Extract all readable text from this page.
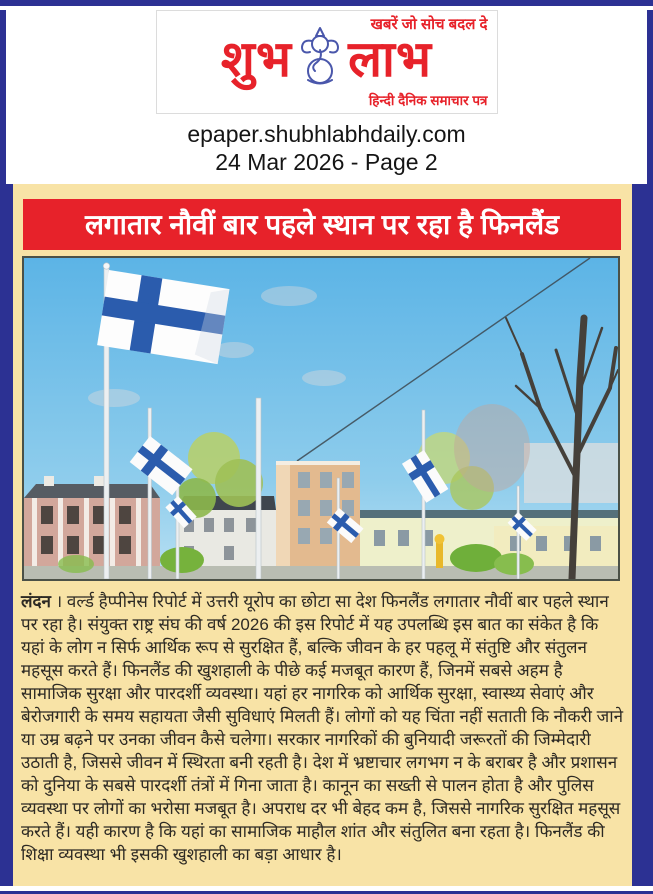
खबरें जो सोच बदल दे
शुभ लाभ
हिन्दी दैनिक समाचार पत्र
epaper.shubhlabhdaily.com
24 Mar 2026 - Page 2
लगातार नौवीं बार पहले स्थान पर रहा है फिनलैंड

लंदन । वर्ल्ड हैप्पीनेस रिपोर्ट में उत्तरी यूरोप का छोटा सा देश फिनलैंड लगातार नौवीं बार पहले स्थान पर रहा है। संयुक्त राष्ट्र संघ की वर्ष 2026 की इस रिपोर्ट में यह उपलब्धि इस बात का संकेत है कि यहां के लोग न सिर्फ आर्थिक रूप से सुरक्षित हैं, बल्कि जीवन के हर पहलू में संतुष्टि और संतुलन महसूस करते हैं। फिनलैंड की खुशहाली के पीछे कई मजबूत कारण हैं, जिनमें सबसे अहम है सामाजिक सुरक्षा और पारदर्शी व्यवस्था। यहां हर नागरिक को आर्थिक सुरक्षा, स्वास्थ्य सेवाएं और बेरोजगारी के समय सहायता जैसी सुविधाएं मिलती हैं। लोगों को यह चिंता नहीं सताती कि नौकरी जाने या उम्र बढ़ने पर उनका जीवन कैसे चलेगा। सरकार नागरिकों की बुनियादी जरूरतों की जिम्मेदारी उठाती है, जिससे जीवन में स्थिरता बनी रहती है। देश में भ्रष्टाचार लगभग न के बराबर है और प्रशासन को दुनिया के सबसे पारदर्शी तंत्रों में गिना जाता है। कानून का सख्ती से पालन होता है और पुलिस व्यवस्था पर लोगों का भरोसा मजबूत है। अपराध दर भी बेहद कम है, जिससे नागरिक सुरक्षित महसूस करते हैं। यही कारण है कि यहां का सामाजिक माहौल शांत और संतुलित बना रहता है। फिनलैंड की शिक्षा व्यवस्था भी इसकी खुशहाली का बड़ा आधार है।
